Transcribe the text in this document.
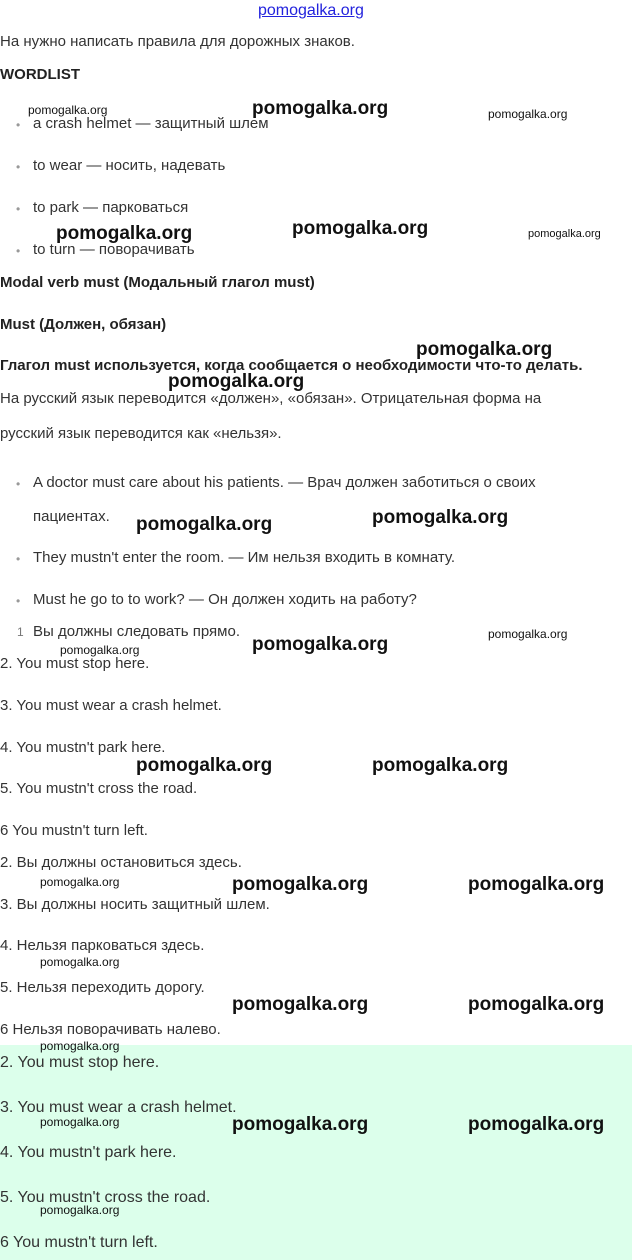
pomogalka.org
На нужно написать правила для дорожных знаков.
WORDLIST
• a crash helmet — защитный шлем
• to wear — носить, надевать
• to park — парковаться
• to turn — поворачивать
Modal verb must (Модальный глагол must)
Must (Должен, обязан)
Глагол must используется, когда сообщается о необходимости что-то делать.
На русский язык переводится «должен», «обязан». Отрицательная форма на
русский язык переводится как «нельзя».
• A doctor must care about his patients. — Врач должен заботиться о своих
пациентах.
• They mustn't enter the room. — Им нельзя входить в комнату.
• Must he go to to work? — Он должен ходить на работу?
1 Вы должны следовать прямо.
2. You must stop here.
3. You must wear a crash helmet.
4. You mustn't park here.
5. You mustn't cross the road.
6 You mustn't turn left.
2. Вы должны остановиться здесь.
3. Вы должны носить защитный шлем.
4. Нельзя парковаться здесь.
5. Нельзя переходить дорогу.
6 Нельзя поворачивать налево.
2. You must stop here.
3. You must wear a crash helmet.
4. You mustn't park here.
5. You mustn't cross the road.
6 You mustn't turn left.
pomogalka.org	pomogalka.org	pomogalka.org
pomogalka.org	pomogalka.org	pomogalka.org
pomogalka.org
pomogalka.org
pomogalka.org	pomogalka.org
pomogalka.org	pomogalka.org
pomogalka.org
pomogalka.org	pomogalka.org
pomogalka.org	pomogalka.org	pomogalka.org
pomogalka.org
pomogalka.org	pomogalka.org
pomogalka.org
pomogalka.org	pomogalka.org	pomogalka.org
pomogalka.org
